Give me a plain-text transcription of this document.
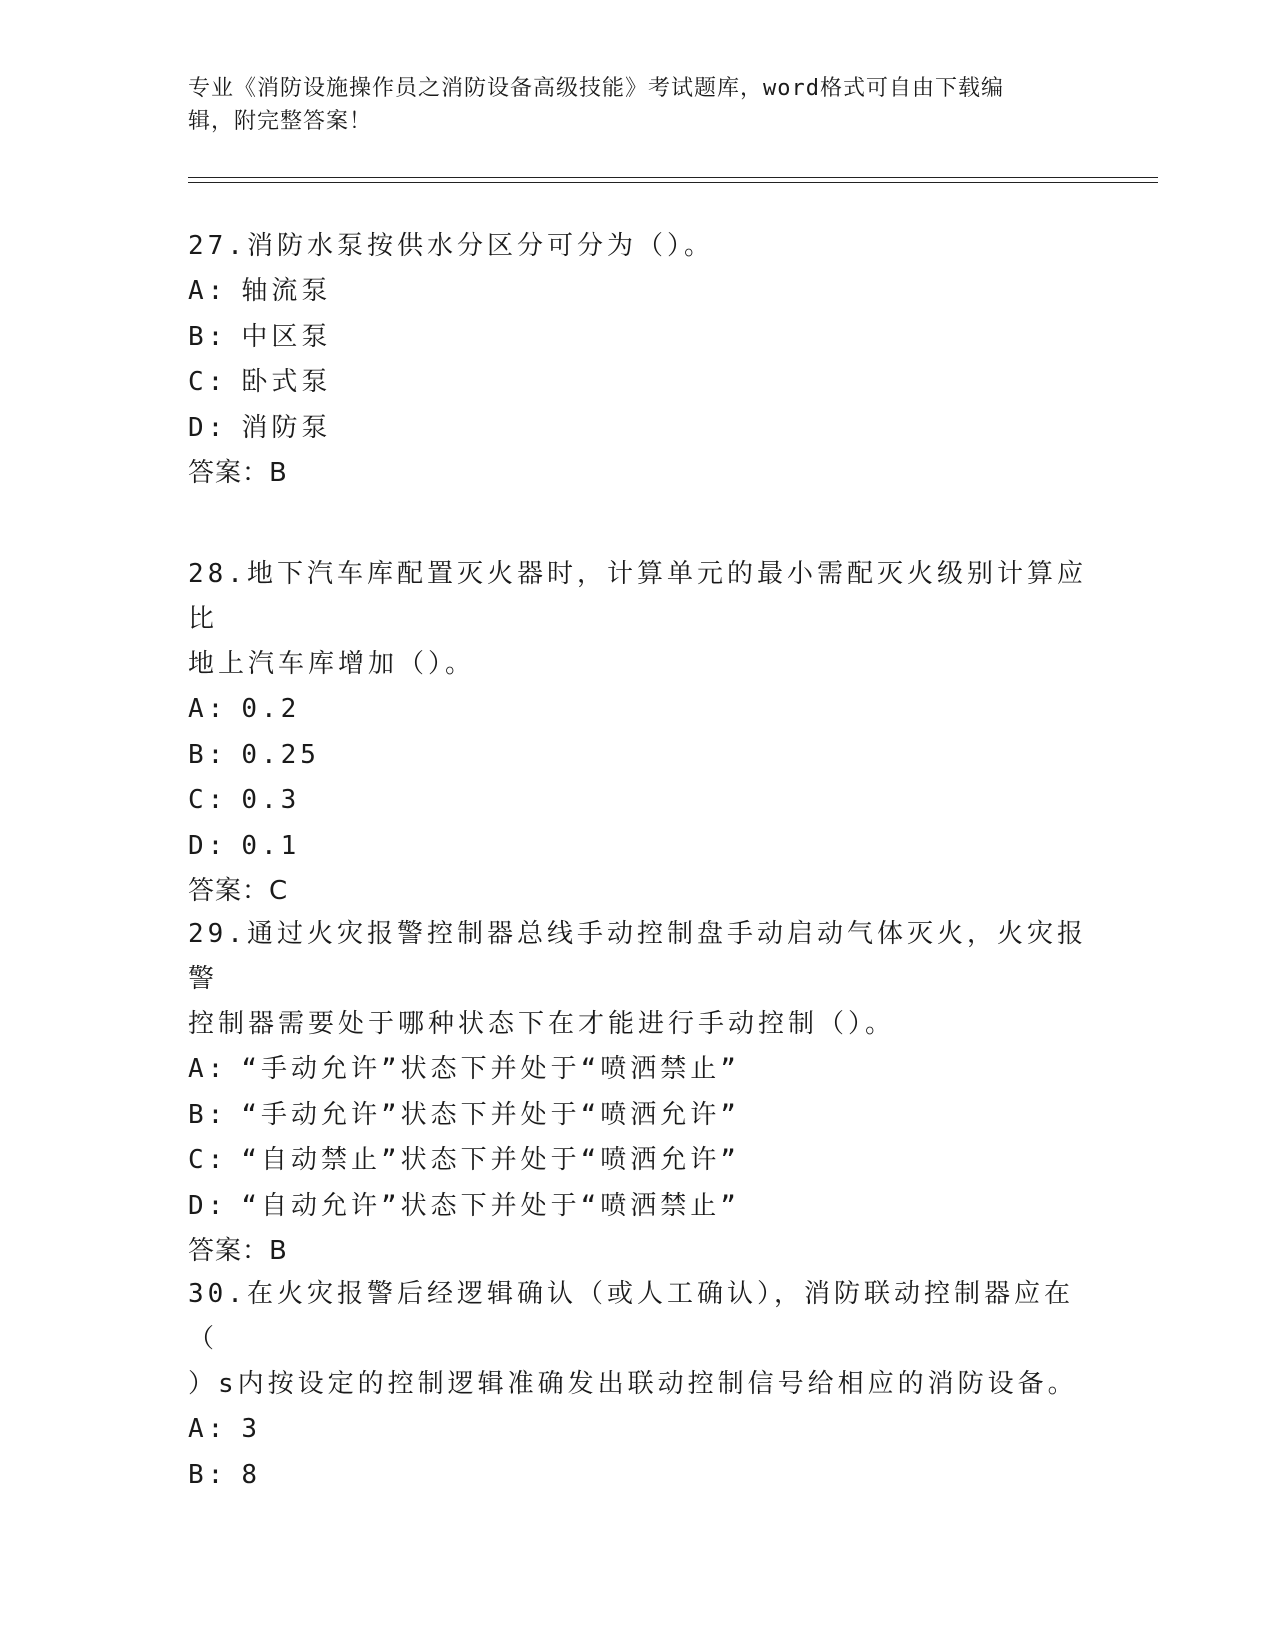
专业《消防设施操作员之消防设备高级技能》考试题库，word格式可自由下载编
辑，附完整答案！

27.消防水泵按供水分区分可分为（）。

A: 轴流泵

B: 中区泵

C: 卧式泵

D: 消防泵

答案：B

28.地下汽车库配置灭火器时，计算单元的最小需配灭火级别计算应比

地上汽车库增加（）。

A: 0.2

B: 0.25

C: 0.3

D: 0.1

答案：C

29.通过火灾报警控制器总线手动控制盘手动启动气体灭火，火灾报警

控制器需要处于哪种状态下在才能进行手动控制（）。

A: “手动允许”状态下并处于“喷洒禁止”

B: “手动允许”状态下并处于“喷洒允许”

C: “自动禁止”状态下并处于“喷洒允许”

D: “自动允许”状态下并处于“喷洒禁止”

答案：B

30.在火灾报警后经逻辑确认（或人工确认），消防联动控制器应在（

）s内按设定的控制逻辑准确发出联动控制信号给相应的消防设备。

A: 3

B: 8
